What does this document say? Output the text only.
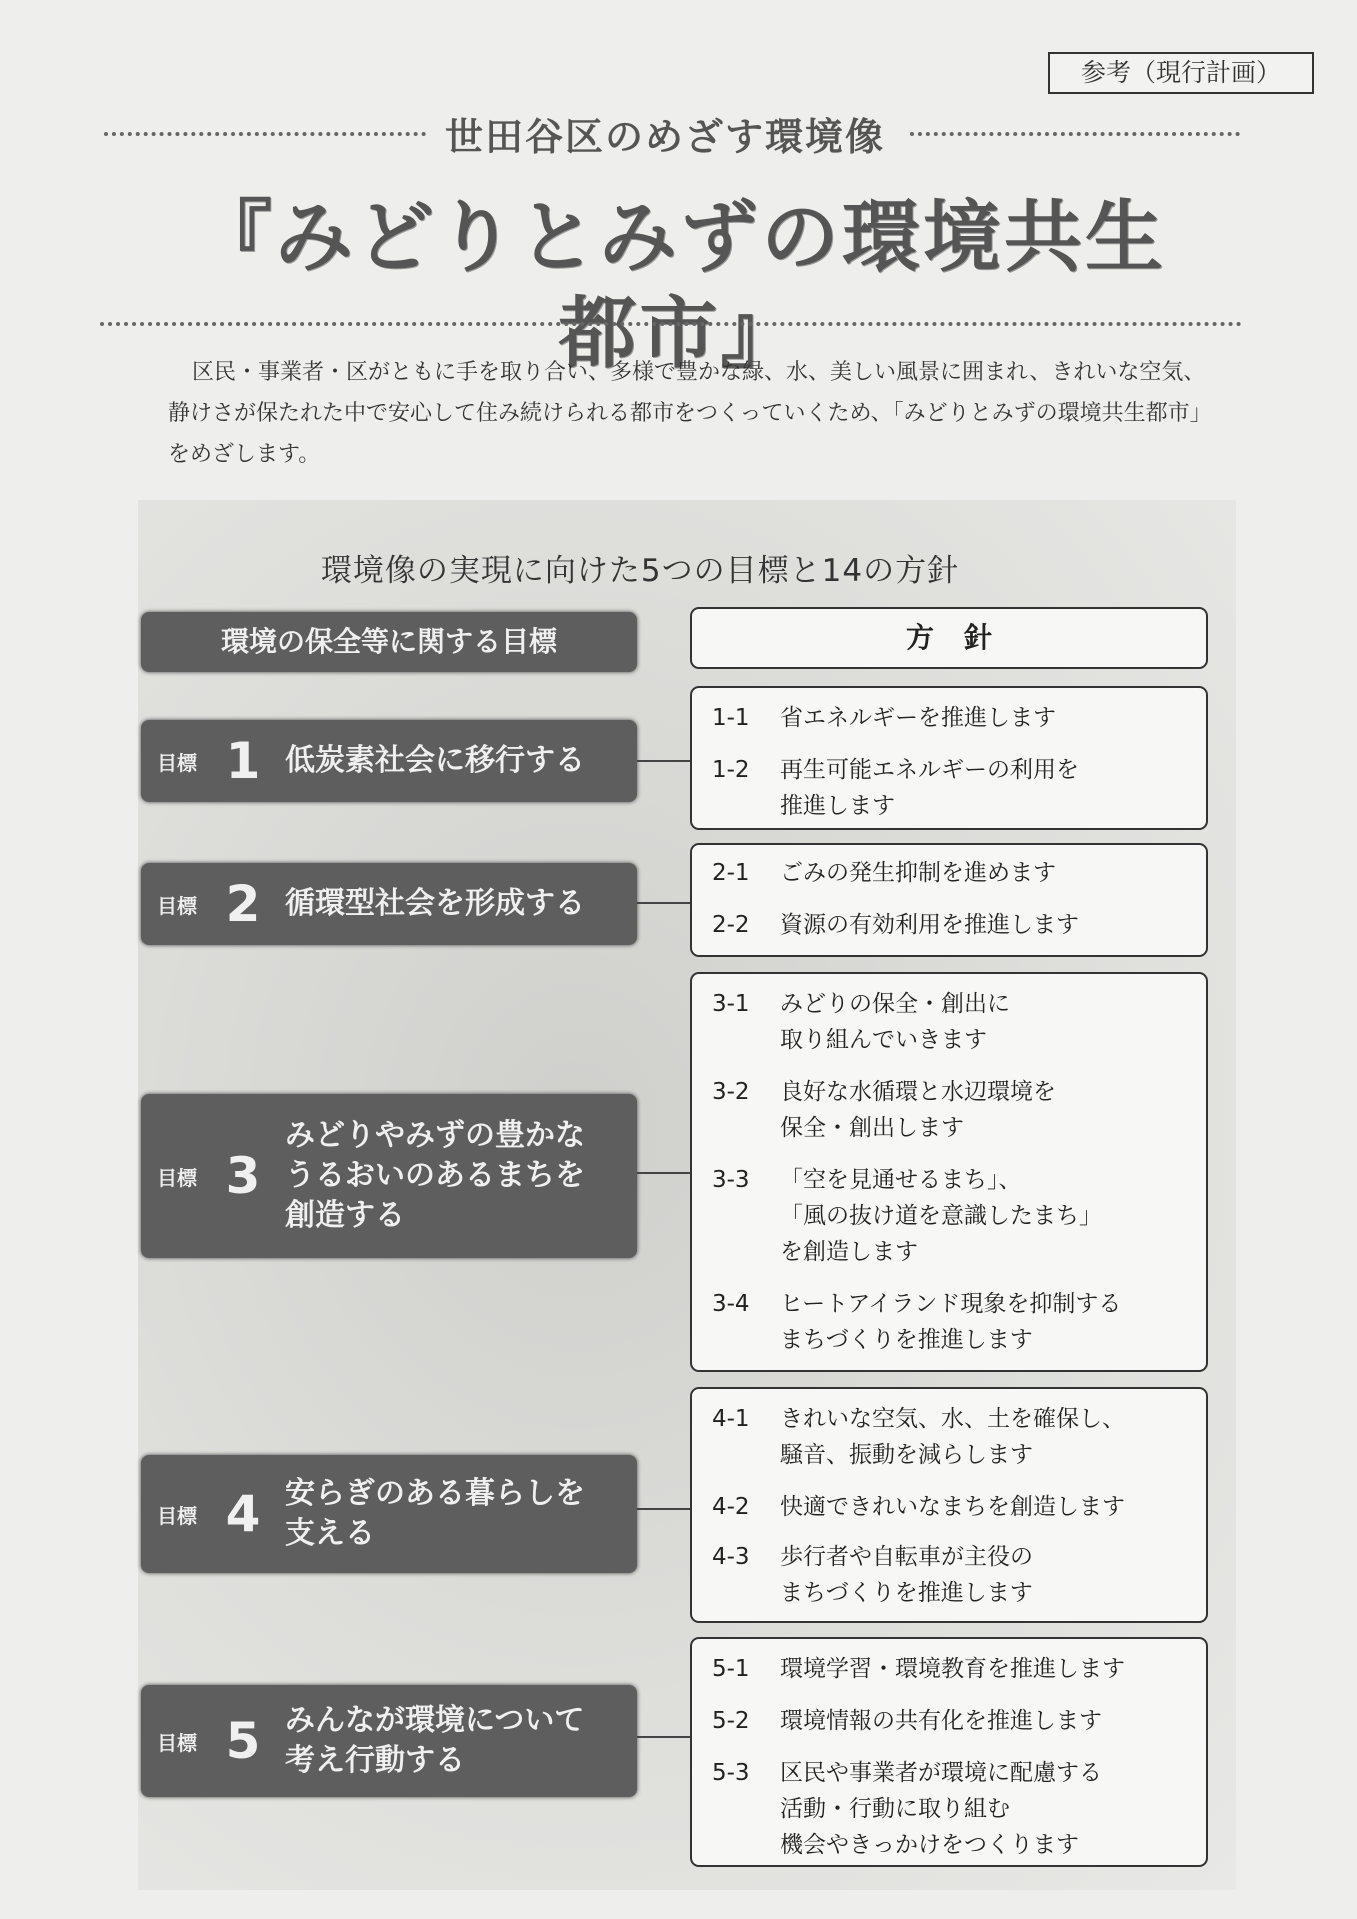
参考（現行計画）
世田谷区のめざす環境像
『みどりとみずの環境共生都市』
区民・事業者・区がともに手を取り合い、多様で豊かな緑、水、美しい風景に囲まれ、きれいな空気、静けさが保たれた中で安心して住み続けられる都市をつくっていくため、「みどりとみずの環境共生都市」をめざします。
環境像の実現に向けた5つの目標と14の方針
環境の保全等に関する目標	方針
目標 1 低炭素社会に移行する
1-1	省エネルギーを推進します
1-2	再生可能エネルギーの利用を
推進します
目標 2 循環型社会を形成する
2-1	ごみの発生抑制を進めます
2-2	資源の有効利用を推進します
目標 3
みどりやみずの豊かな
うるおいのあるまちを
創造する
3-1	みどりの保全・創出に
取り組んでいきます
3-2	良好な水循環と水辺環境を
保全・創出します
3-3	「空を見通せるまち」、
「風の抜け道を意識したまち」
を創造します
3-4	ヒートアイランド現象を抑制する
まちづくりを推進します
目標 4 安らぎのある暮らしを
支える
4-1	きれいな空気、水、土を確保し、
騒音、振動を減らします
4-2	快適できれいなまちを創造します
4-3	歩行者や自転車が主役の
まちづくりを推進します
目標 5 みんなが環境について
考え行動する
5-1	環境学習・環境教育を推進します
5-2	環境情報の共有化を推進します
5-3	区民や事業者が環境に配慮する
活動・行動に取り組む
機会やきっかけをつくります
